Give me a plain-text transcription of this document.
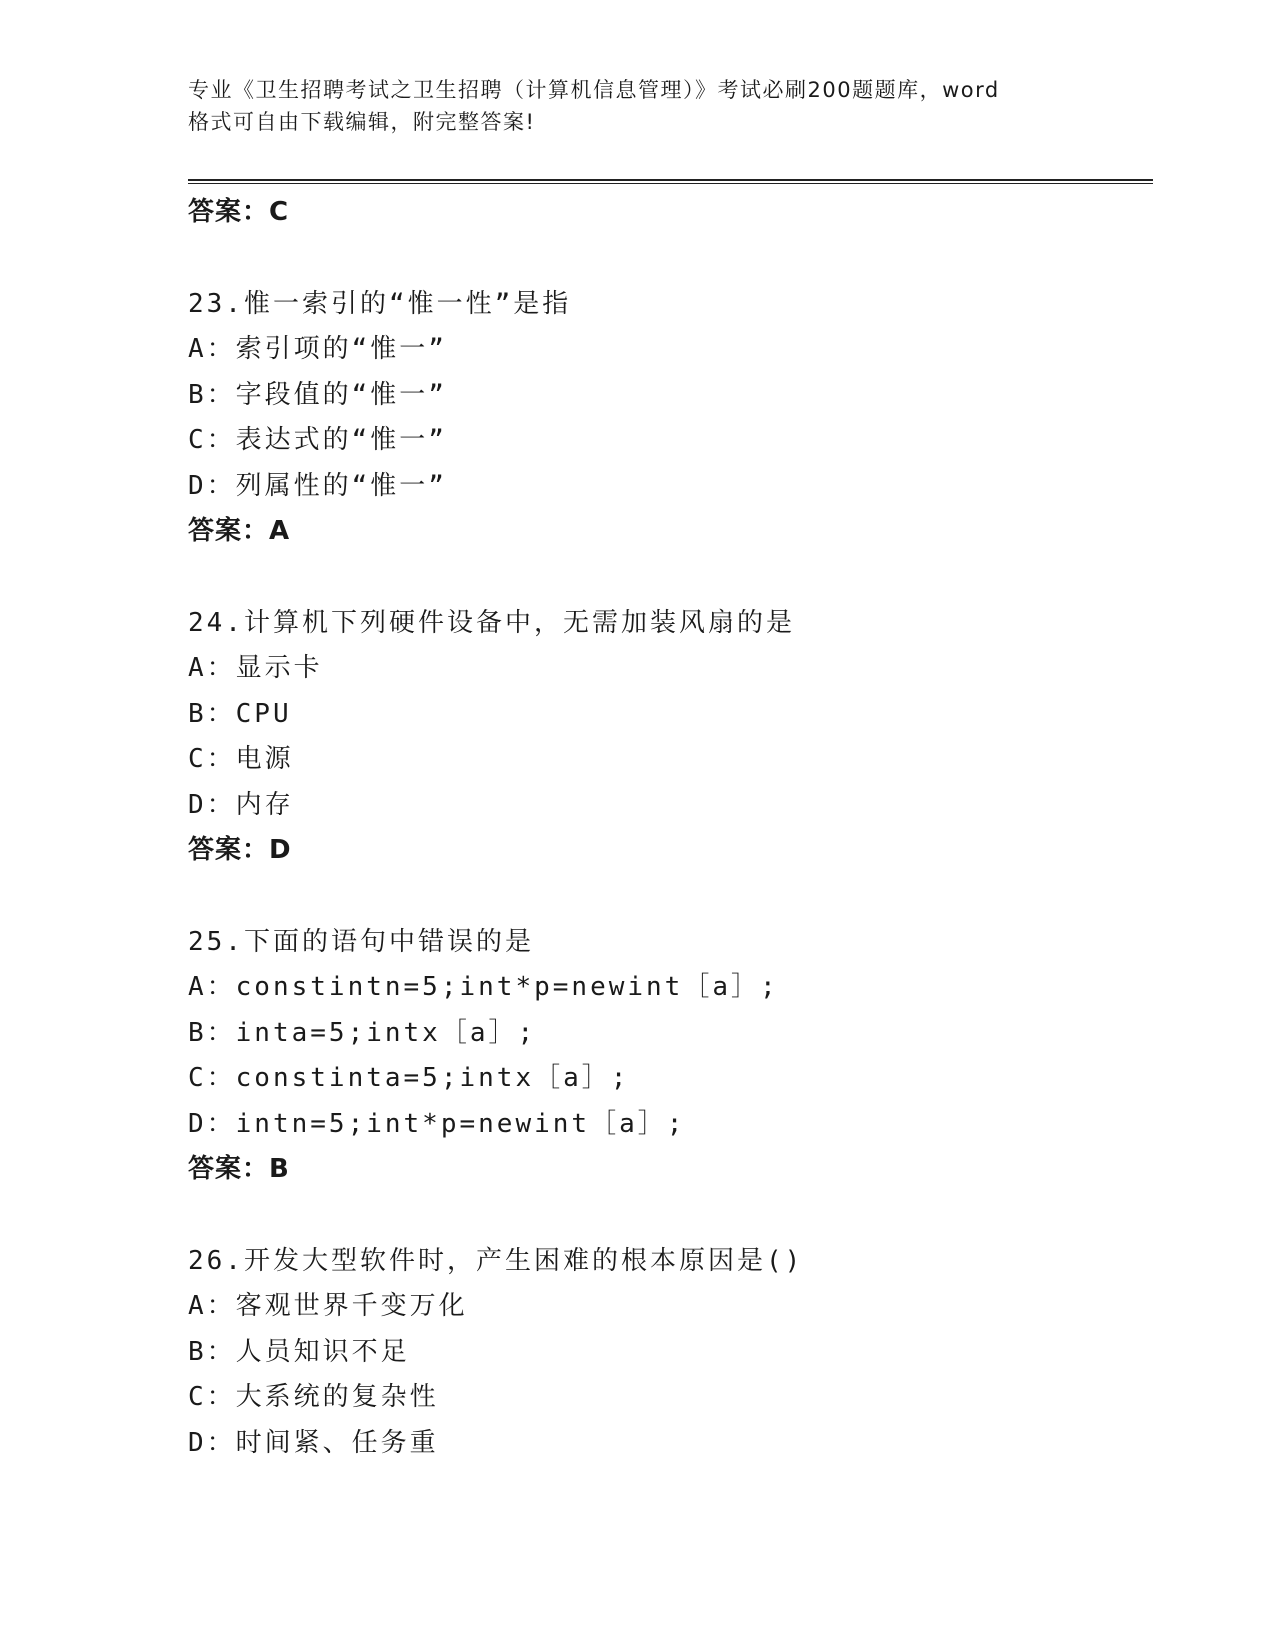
专业《卫生招聘考试之卫生招聘（计算机信息管理）》考试必刷200题题库，word
格式可自由下载编辑，附完整答案!
答案：C
23.惟一索引的“惟一性”是指
A：索引项的“惟一”
B：字段值的“惟一”
C：表达式的“惟一”
D：列属性的“惟一”
答案：A
24.计算机下列硬件设备中，无需加装风扇的是
A：显示卡
B：CPU
C：电源
D：内存
答案：D
25.下面的语句中错误的是
A：constintn=5;int*p=newint［a］;
B：inta=5;intx［a］;
C：constinta=5;intx［a］;
D：intn=5;int*p=newint［a］;
答案：B
26.开发大型软件时，产生困难的根本原因是()
A：客观世界千变万化
B：人员知识不足
C：大系统的复杂性
D：时间紧、任务重
